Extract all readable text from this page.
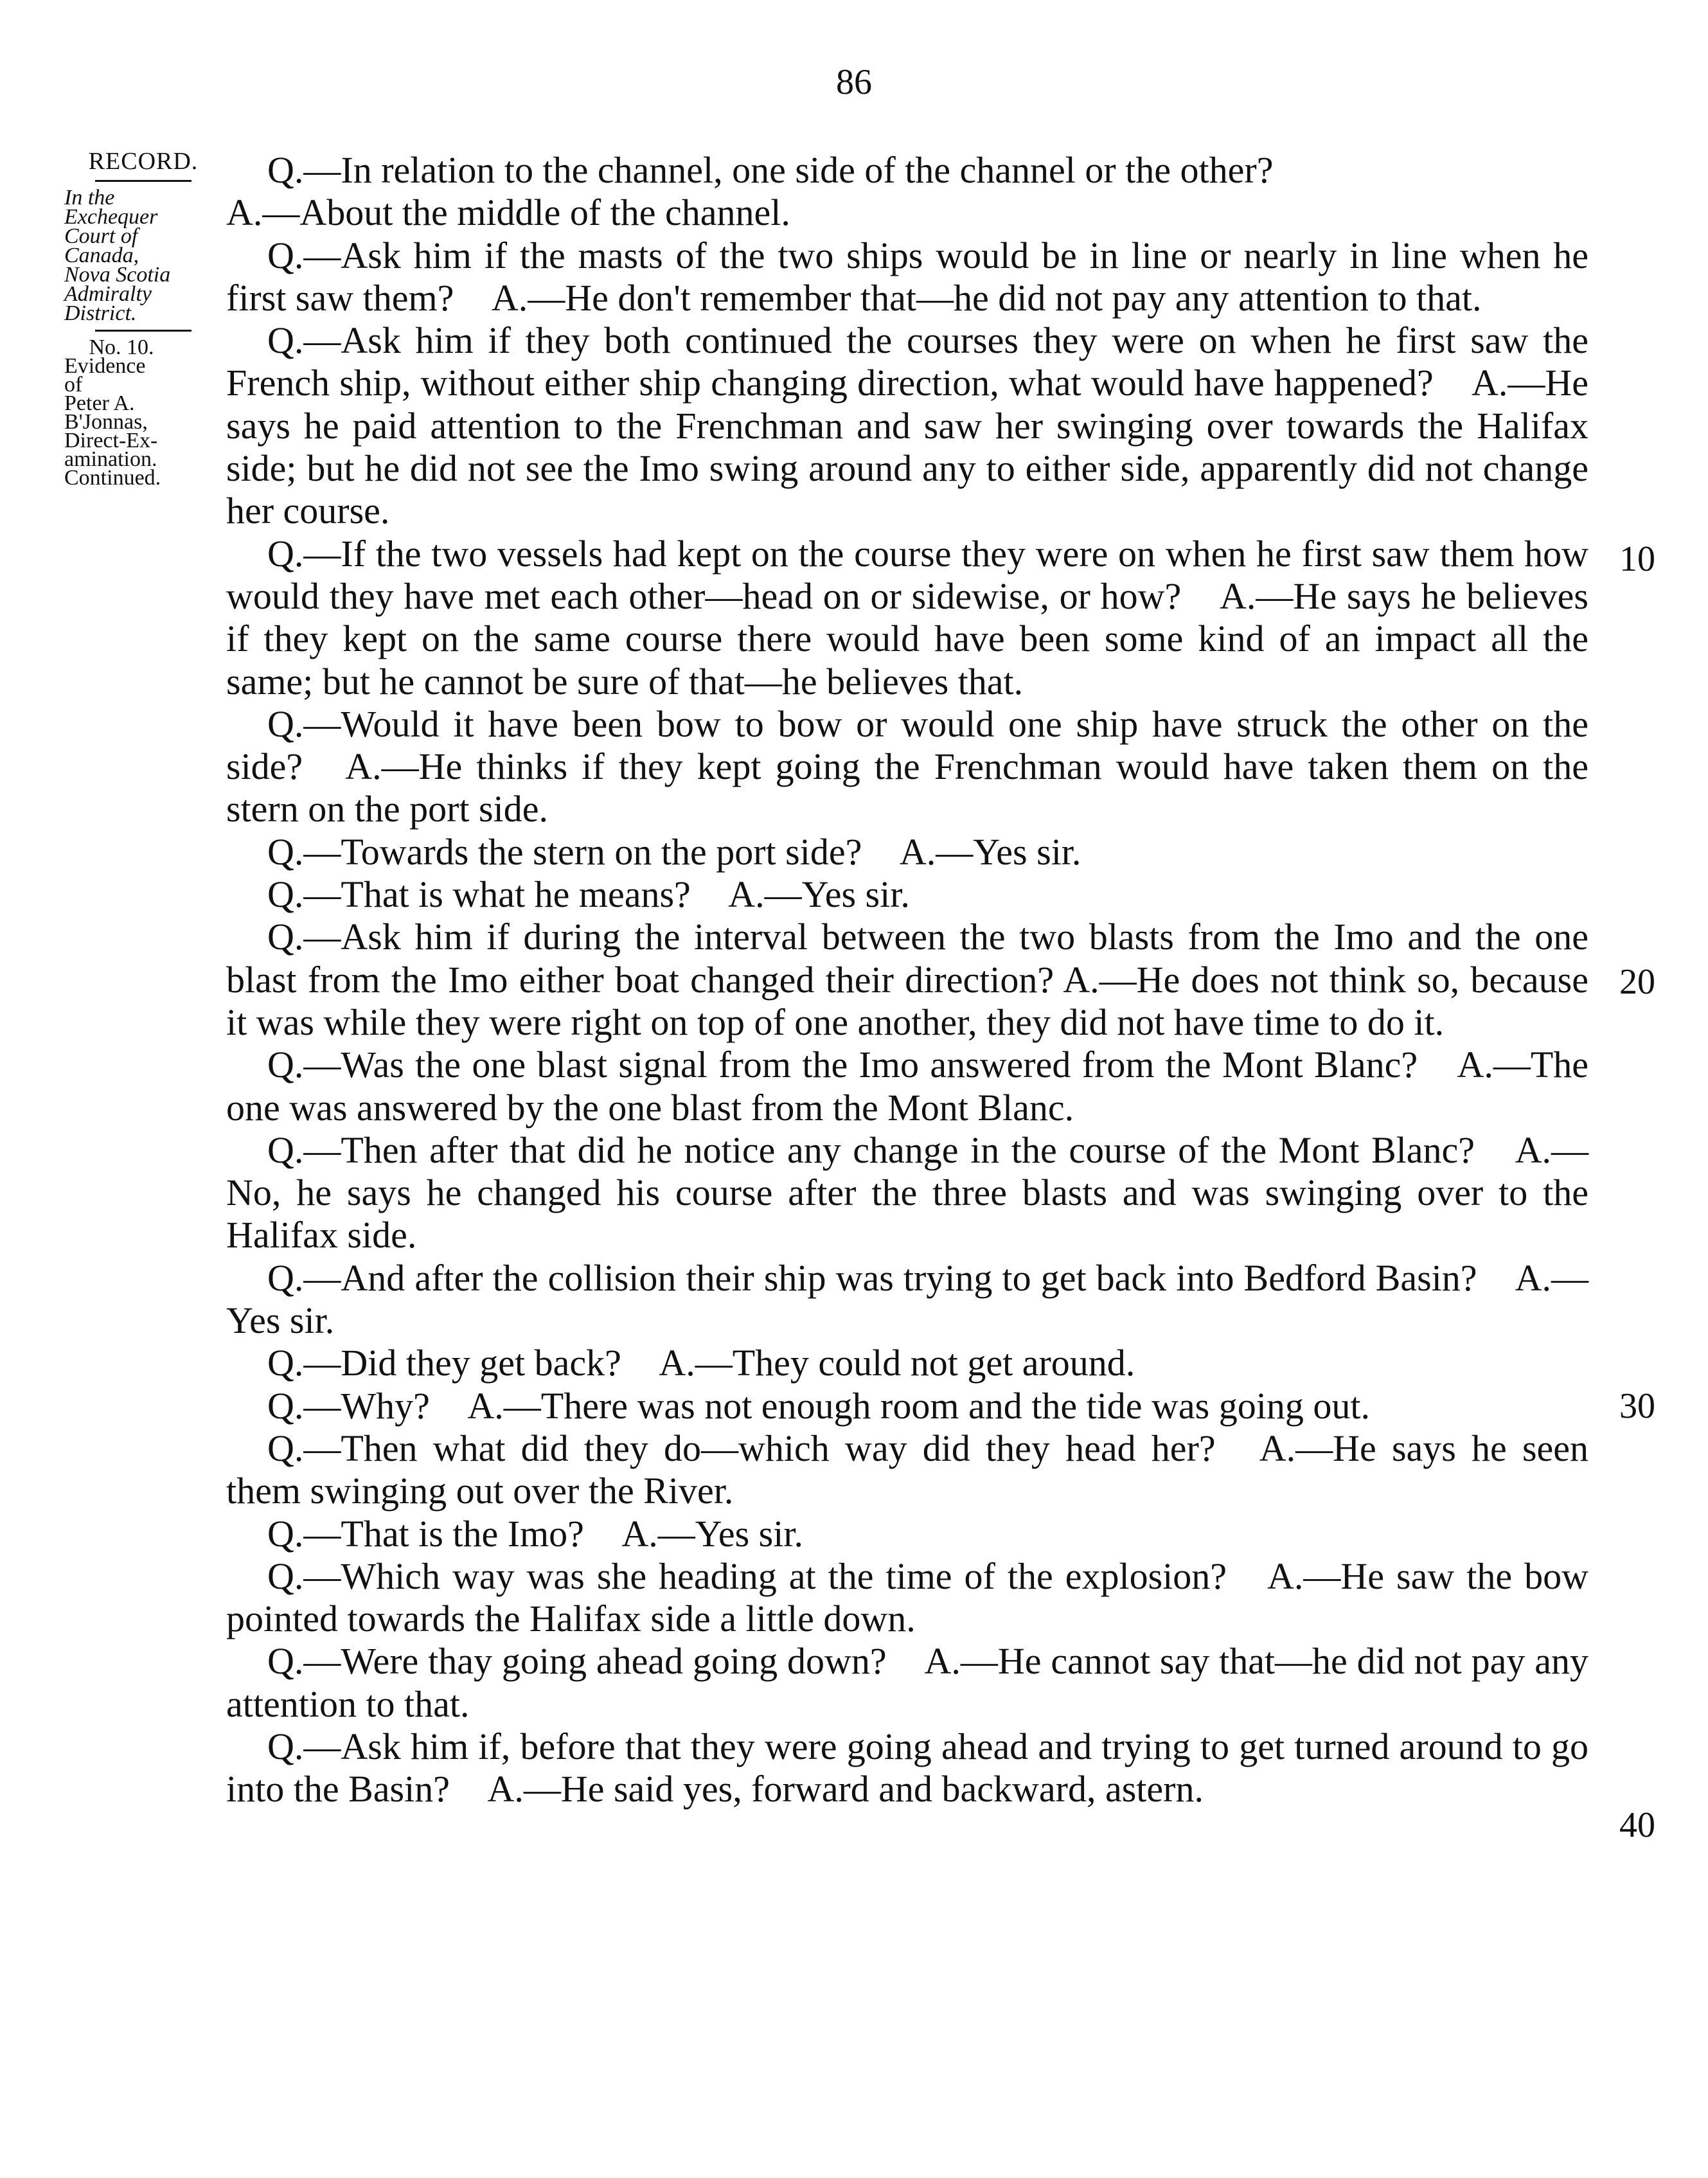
86
RECORD.
In the
Exchequer
Court of
Canada,
Nova Scotia
Admiralty
District.
No. 10.
Evidence
of
Peter A.
B'Jonnas,
Direct-Ex-
amination.
Continued.

Q.—In relation to the channel, one side of the channel or the other?
A.—About the middle of the channel.

Q.—Ask him if the masts of the two ships would be in line or nearly in line when he first saw them? A.—He don't remember that—he did not pay any attention to that.

Q.—Ask him if they both continued the courses they were on when he first saw the French ship, without either ship changing direction, what would have happened? A.—He says he paid attention to the Frenchman and saw her swinging over towards the Halifax side; but he did not see the Imo swing around any to either side, apparently did not change her course.

Q.—If the two vessels had kept on the course they were on when he first saw them how would they have met each other—head on or sidewise, or how? A.—He says he believes if they kept on the same course there would have been some kind of an impact all the same; but he cannot be sure of that—he believes that.

Q.—Would it have been bow to bow or would one ship have struck the other on the side? A.—He thinks if they kept going the Frenchman would have taken them on the stern on the port side.

Q.—Towards the stern on the port side? A.—Yes sir.

Q.—That is what he means? A.—Yes sir.

Q.—Ask him if during the interval between the two blasts from the Imo and the one blast from the Imo either boat changed their direction? A.—He does not think so, because it was while they were right on top of one another, they did not have time to do it.

Q.—Was the one blast signal from the Imo answered from the Mont Blanc? A.—The one was answered by the one blast from the Mont Blanc.

Q.—Then after that did he notice any change in the course of the Mont Blanc? A.—No, he says he changed his course after the three blasts and was swinging over to the Halifax side.

Q.—And after the collision their ship was trying to get back into Bedford Basin? A.—Yes sir.

Q.—Did they get back? A.—They could not get around.

Q.—Why? A.—There was not enough room and the tide was going out.

Q.—Then what did they do—which way did they head her? A.—He says he seen them swinging out over the River.

Q.—That is the Imo? A.—Yes sir.

Q.—Which way was she heading at the time of the explosion? A.—He saw the bow pointed towards the Halifax side a little down.

Q.—Were thay going ahead going down? A.—He cannot say that—he did not pay any attention to that.

Q.—Ask him if, before that they were going ahead and trying to get turned around to go into the Basin? A.—He said yes, forward and backward, astern.

10
20
30
40
